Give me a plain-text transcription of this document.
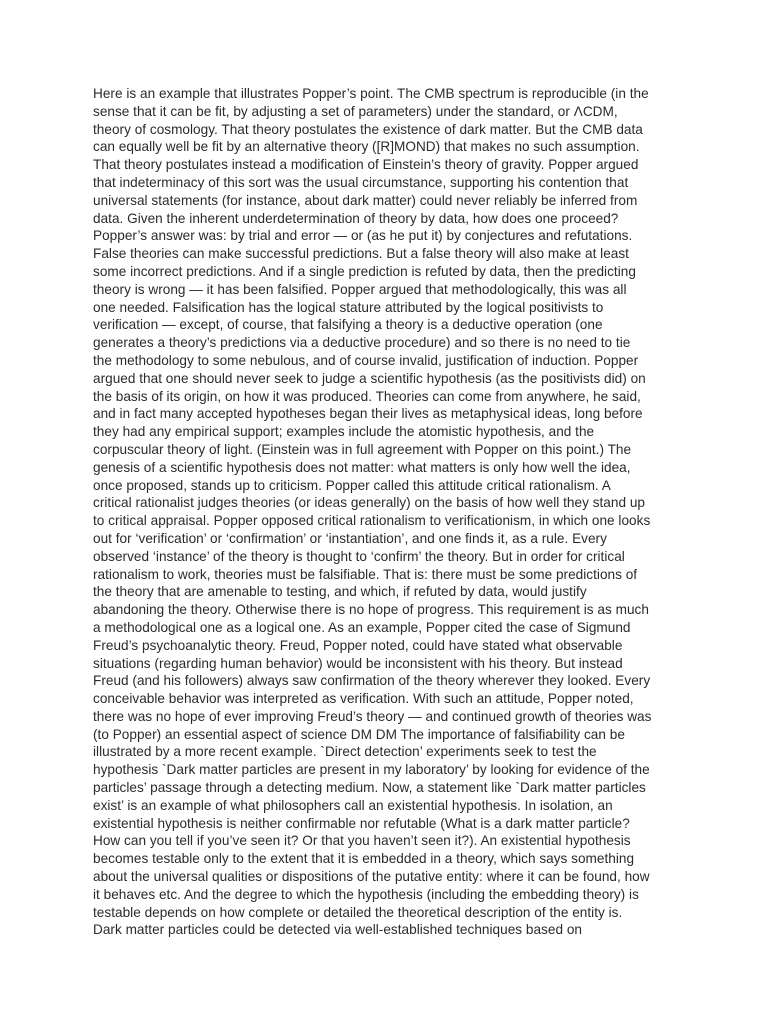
Here is an example that illustrates Popper’s point. The CMB spectrum is reproducible (in the
sense that it can be fit, by adjusting a set of parameters) under the standard, or ΛCDM,
theory of cosmology. That theory postulates the existence of dark matter. But the CMB data
can equally well be fit by an alternative theory ([R]MOND) that makes no such assumption.
That theory postulates instead a modification of Einstein’s theory of gravity. Popper argued
that indeterminacy of this sort was the usual circumstance, supporting his contention that
universal statements (for instance, about dark matter) could never reliably be inferred from
data. Given the inherent underdetermination of theory by data, how does one proceed?
Popper’s answer was: by trial and error — or (as he put it) by conjectures and refutations.
False theories can make successful predictions. But a false theory will also make at least
some incorrect predictions. And if a single prediction is refuted by data, then the predicting
theory is wrong — it has been falsified. Popper argued that methodologically, this was all
one needed. Falsification has the logical stature attributed by the logical positivists to
verification — except, of course, that falsifying a theory is a deductive operation (one
generates a theory’s predictions via a deductive procedure) and so there is no need to tie
the methodology to some nebulous, and of course invalid, justification of induction. Popper
argued that one should never seek to judge a scientific hypothesis (as the positivists did) on
the basis of its origin, on how it was produced. Theories can come from anywhere, he said,
and in fact many accepted hypotheses began their lives as metaphysical ideas, long before
they had any empirical support; examples include the atomistic hypothesis, and the
corpuscular theory of light. (Einstein was in full agreement with Popper on this point.) The
genesis of a scientific hypothesis does not matter: what matters is only how well the idea,
once proposed, stands up to criticism. Popper called this attitude critical rationalism. A
critical rationalist judges theories (or ideas generally) on the basis of how well they stand up
to critical appraisal. Popper opposed critical rationalism to verificationism, in which one looks
out for ‘verification’ or ‘confirmation’ or ‘instantiation’, and one finds it, as a rule. Every
observed ‘instance’ of the theory is thought to ‘confirm’ the theory. But in order for critical
rationalism to work, theories must be falsifiable. That is: there must be some predictions of
the theory that are amenable to testing, and which, if refuted by data, would justify
abandoning the theory. Otherwise there is no hope of progress. This requirement is as much
a methodological one as a logical one. As an example, Popper cited the case of Sigmund
Freud’s psychoanalytic theory. Freud, Popper noted, could have stated what observable
situations (regarding human behavior) would be inconsistent with his theory. But instead
Freud (and his followers) always saw confirmation of the theory wherever they looked. Every
conceivable behavior was interpreted as verification. With such an attitude, Popper noted,
there was no hope of ever improving Freud’s theory — and continued growth of theories was
(to Popper) an essential aspect of science DM DM The importance of falsifiability can be
illustrated by a more recent example. `Direct detection’ experiments seek to test the
hypothesis `Dark matter particles are present in my laboratory’ by looking for evidence of the
particles’ passage through a detecting medium. Now, a statement like `Dark matter particles
exist’ is an example of what philosophers call an existential hypothesis. In isolation, an
existential hypothesis is neither confirmable nor refutable (What is a dark matter particle?
How can you tell if you’ve seen it? Or that you haven’t seen it?). An existential hypothesis
becomes testable only to the extent that it is embedded in a theory, which says something
about the universal qualities or dispositions of the putative entity: where it can be found, how
it behaves etc. And the degree to which the hypothesis (including the embedding theory) is
testable depends on how complete or detailed the theoretical description of the entity is.
Dark matter particles could be detected via well-established techniques based on
